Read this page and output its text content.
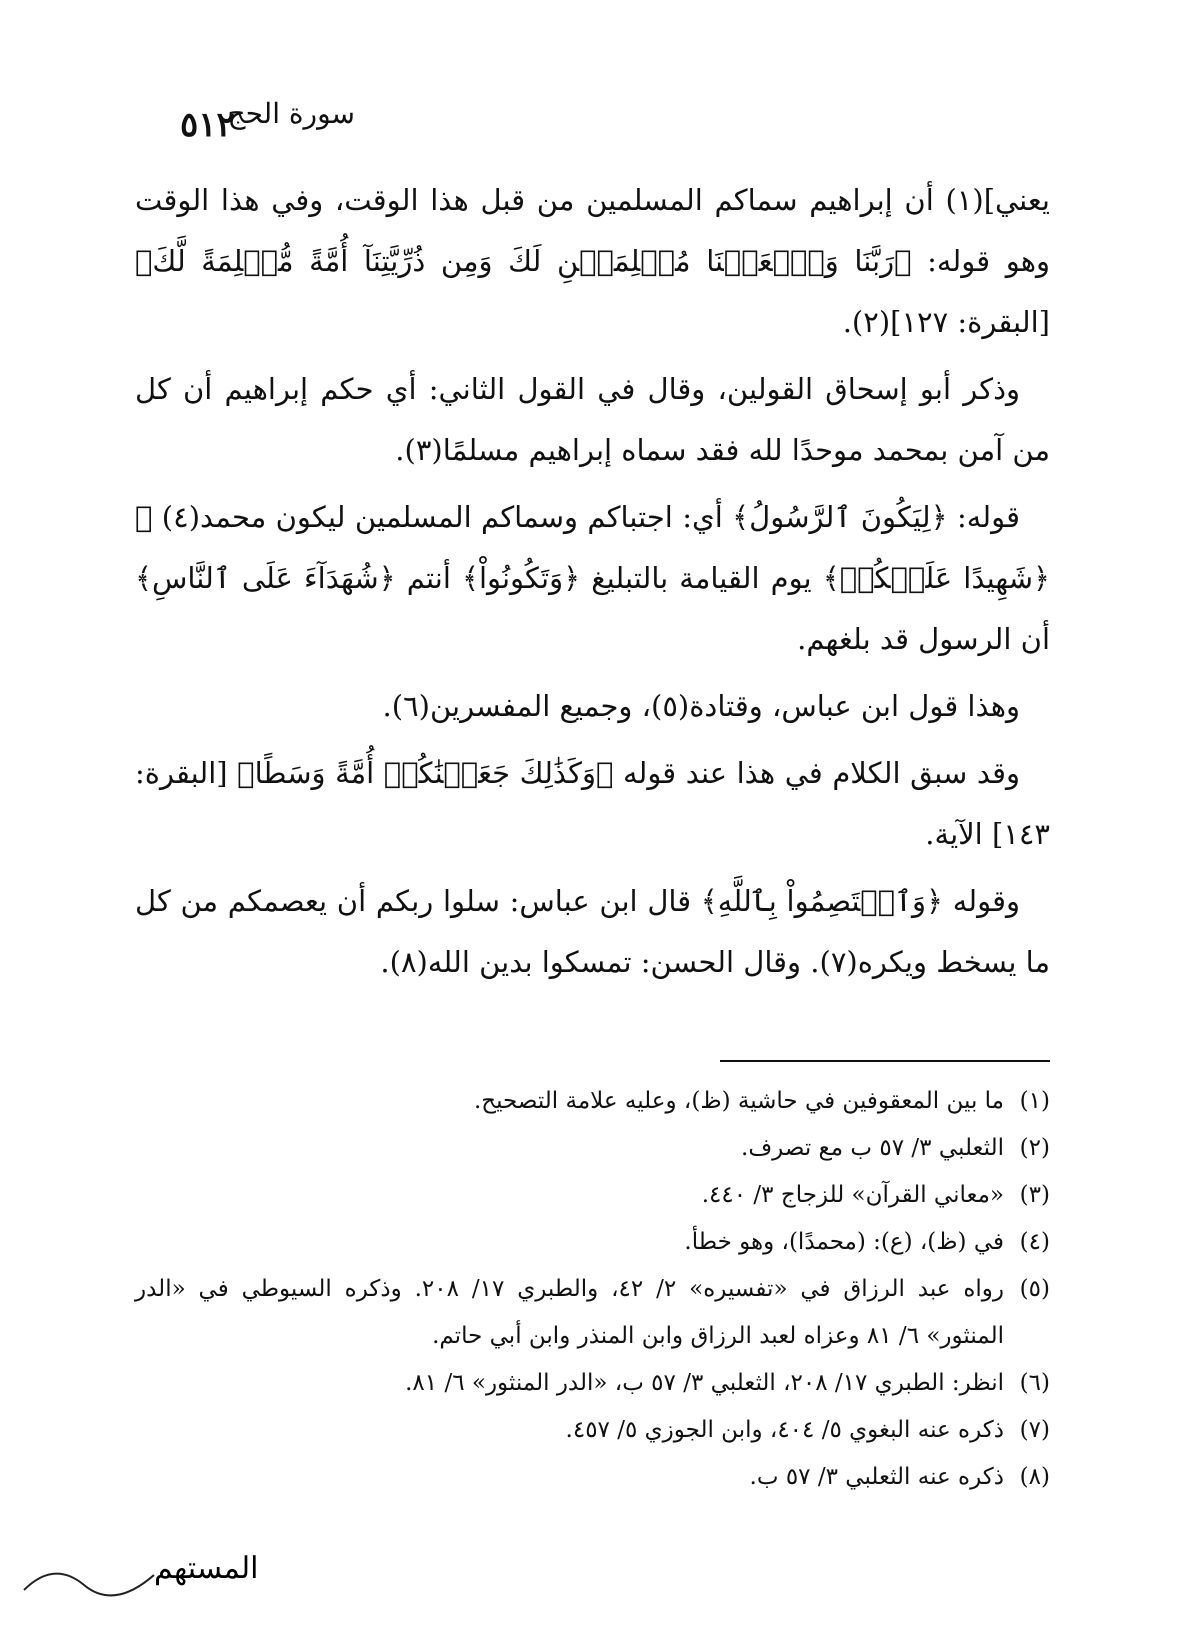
٥١٢
سورة الحج

يعني](١) أن إبراهيم سماكم المسلمين من قبل هذا الوقت، وفي هذا الوقت وهو قوله: ﴿رَبَّنَا وَٱجۡعَلۡنَا مُسۡلِمَيۡنِ لَكَ وَمِن ذُرِّيَّتِنَآ أُمَّةً مُّسۡلِمَةً لَّكَ﴾ [البقرة: ١٢٧](٢).

وذكر أبو إسحاق القولين، وقال في القول الثاني: أي حكم إبراهيم أن كل من آمن بمحمد موحدًا لله فقد سماه إبراهيم مسلمًا(٣).

قوله: ﴿لِيَكُونَ ٱلرَّسُولُ﴾ أي: اجتباكم وسماكم المسلمين ليكون محمد(٤) ﷺ ﴿شَهِيدًا عَلَيۡكُمۡ﴾ يوم القيامة بالتبليغ ﴿وَتَكُونُواْ﴾ أنتم ﴿شُهَدَآءَ عَلَى ٱلنَّاسِ﴾ أن الرسول قد بلغهم.

وهذا قول ابن عباس، وقتادة(٥)، وجميع المفسرين(٦).

وقد سبق الكلام في هذا عند قوله ﴿وَكَذَٰلِكَ جَعَلۡنَٰكُمۡ أُمَّةً وَسَطًا﴾ [البقرة: ١٤٣] الآية.

وقوله ﴿وَٱعۡتَصِمُواْ بِٱللَّهِ﴾ قال ابن عباس: سلوا ربكم أن يعصمكم من كل ما يسخط ويكره(٧). وقال الحسن: تمسكوا بدين الله(٨).

(١)
ما بين المعقوفين في حاشية (ظ)، وعليه علامة التصحيح.
(٢)
الثعلبي ٣/ ٥٧ ب مع تصرف.
(٣)
«معاني القرآن» للزجاج ٣/ ٤٤٠.
(٤)
في (ظ)، (ع): (محمدًا)، وهو خطأ.
(٥)
رواه عبد الرزاق في «تفسيره» ٢/ ٤٢، والطبري ١٧/ ٢٠٨. وذكره السيوطي في «الدر المنثور» ٦/ ٨١ وعزاه لعبد الرزاق وابن المنذر وابن أبي حاتم.
(٦)
انظر: الطبري ١٧/ ٢٠٨، الثعلبي ٣/ ٥٧ ب، «الدر المنثور» ٦/ ٨١.
(٧)
ذكره عنه البغوي ٥/ ٤٠٤، وابن الجوزي ٥/ ٤٥٧.
(٨)
ذكره عنه الثعلبي ٣/ ٥٧ ب.
المستهم
